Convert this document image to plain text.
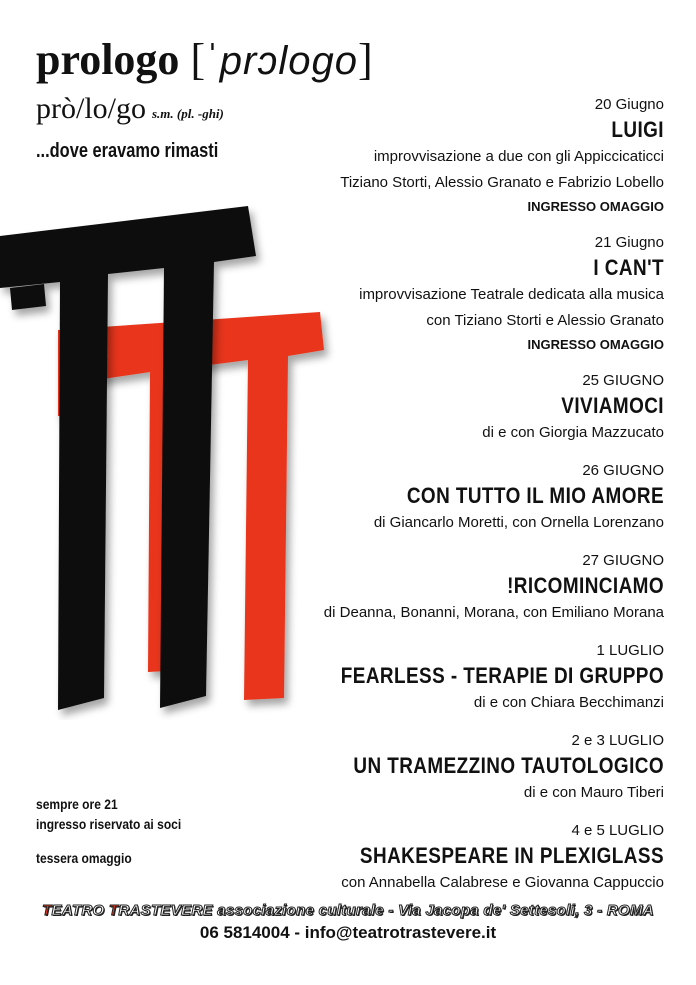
prologo [ˈprɔlogo]
prò/lo/go s.m. (pl. -ghi)
...dove eravamo rimasti
20 Giugno
LUIGI
improvvisazione a due con gli Appiccicaticci
Tiziano Storti, Alessio Granato e Fabrizio Lobello
INGRESSO OMAGGIO
21 Giugno
I CAN'T
improvvisazione Teatrale dedicata alla musica
con Tiziano Storti e Alessio Granato
INGRESSO OMAGGIO
25 GIUGNO
VIVIAMOCI
di e con Giorgia Mazzucato
26 GIUGNO
CON TUTTO IL MIO AMORE
di Giancarlo Moretti, con Ornella Lorenzano
27 GIUGNO
!RICOMINCIAMO
di Deanna, Bonanni, Morana, con Emiliano Morana
1 LUGLIO
FEARLESS - TERAPIE DI GRUPPO
di e con Chiara Becchimanzi
2 e 3 LUGLIO
UN TRAMEZZINO TAUTOLOGICO
di e con Mauro Tiberi
4 e 5 LUGLIO
SHAKESPEARE IN PLEXIGLASS
con Annabella Calabrese e Giovanna Cappuccio
sempre ore 21
ingresso riservato ai soci
tessera omaggio
TEATRO TRASTEVERE associazione culturale - Via Jacopa de' Settesoli, 3 - ROMA
06 5814004 - info@teatrotrastevere.it
